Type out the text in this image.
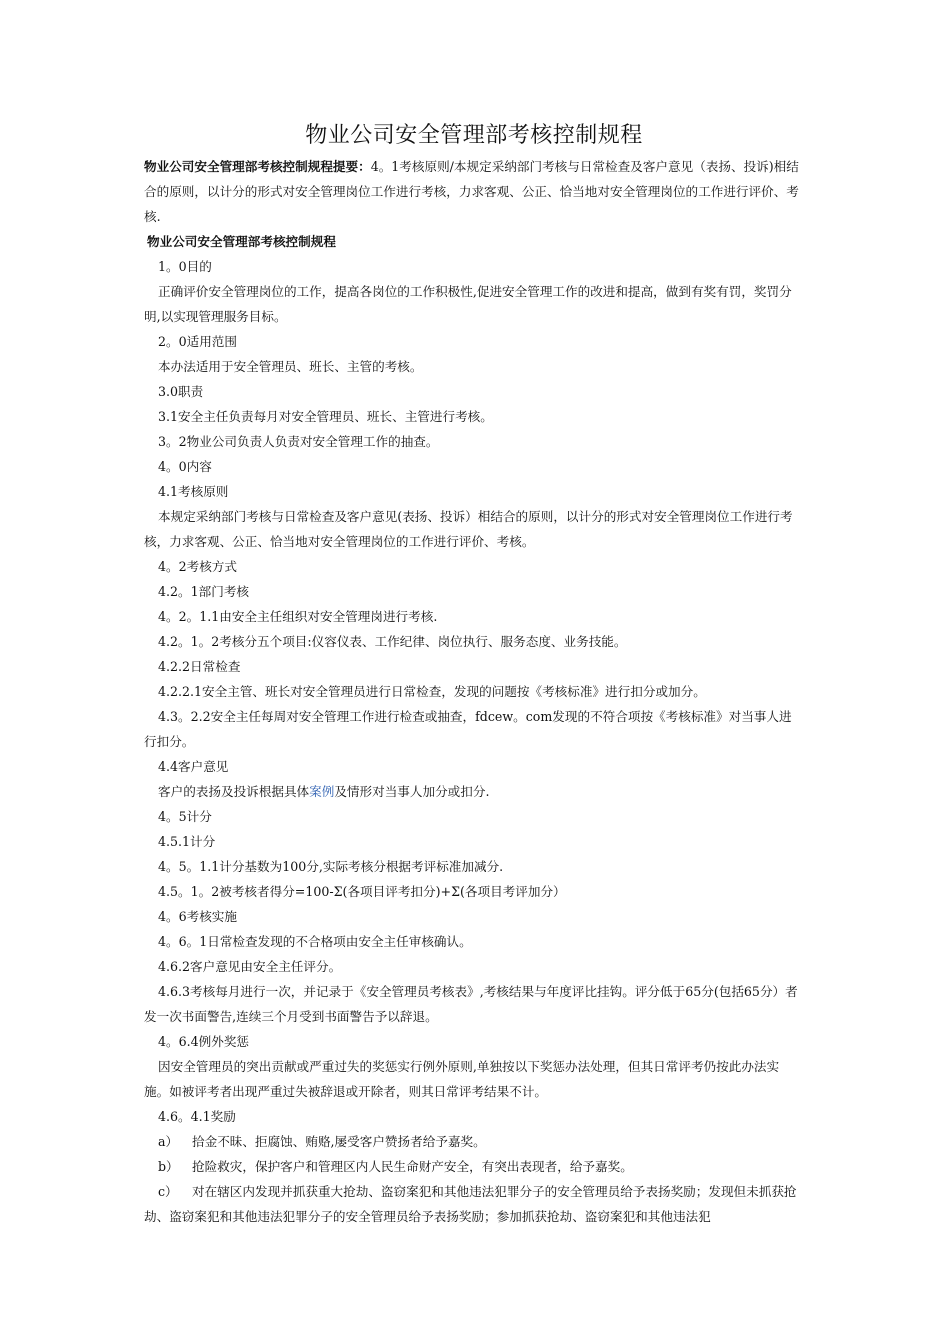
物业公司安全管理部考核控制规程

物业公司安全管理部考核控制规程提要：4。1考核原则/本规定采纳部门考核与日常检查及客户意见（表扬、投诉)相结合的原则，以计分的形式对安全管理岗位工作进行考核，力求客观、公正、恰当地对安全管理岗位的工作进行评价、考核.

物业公司安全管理部考核控制规程

1。0目的

正确评价安全管理岗位的工作，提高各岗位的工作积极性,促进安全管理工作的改进和提高，做到有奖有罚，奖罚分明,以实现管理服务目标。

2。0适用范围

本办法适用于安全管理员、班长、主管的考核。

3.0职责

3.1安全主任负责每月对安全管理员、班长、主管进行考核。

3。2物业公司负责人负责对安全管理工作的抽查。

4。0内容

4.1考核原则

本规定采纳部门考核与日常检查及客户意见(表扬、投诉）相结合的原则，以计分的形式对安全管理岗位工作进行考核，力求客观、公正、恰当地对安全管理岗位的工作进行评价、考核。

4。2考核方式

4.2。1部门考核

4。2。1.1由安全主任组织对安全管理岗进行考核.

4.2。1。2考核分五个项目:仪容仪表、工作纪律、岗位执行、服务态度、业务技能。

4.2.2日常检查

4.2.2.1安全主管、班长对安全管理员进行日常检查，发现的问题按《考核标准》进行扣分或加分。

4.3。2.2安全主任每周对安全管理工作进行检查或抽查，fdcew。com发现的不符合项按《考核标准》对当事人进行扣分。

4.4客户意见

客户的表扬及投诉根据具体案例及情形对当事人加分或扣分.

4。5计分

4.5.1计分

4。5。1.1计分基数为100分,实际考核分根据考评标准加减分.

4.5。1。2被考核者得分=100-Σ(各项目评考扣分)+Σ(各项目考评加分）

4。6考核实施

4。6。1日常检查发现的不合格项由安全主任审核确认。

4.6.2客户意见由安全主任评分。

4.6.3考核每月进行一次，并记录于《安全管理员考核表》,考核结果与年度评比挂钩。评分低于65分(包括65分）者发一次书面警告,连续三个月受到书面警告予以辞退。

4。6.4例外奖惩

因安全管理员的突出贡献或严重过失的奖惩实行例外原则,单独按以下奖惩办法处理，但其日常评考仍按此办法实施。如被评考者出现严重过失被辞退或开除者，则其日常评考结果不计。

4.6。4.1奖励

a） 拾金不昧、拒腐蚀、贿赂,屡受客户赞扬者给予嘉奖。

b） 抢险救灾，保护客户和管理区内人民生命财产安全，有突出表现者，给予嘉奖。

c） 对在辖区内发现并抓获重大抢劫、盗窃案犯和其他违法犯罪分子的安全管理员给予表扬奖励；发现但未抓获抢劫、盗窃案犯和其他违法犯罪分子的安全管理员给予表扬奖励；参加抓获抢劫、盗窃案犯和其他违法犯
